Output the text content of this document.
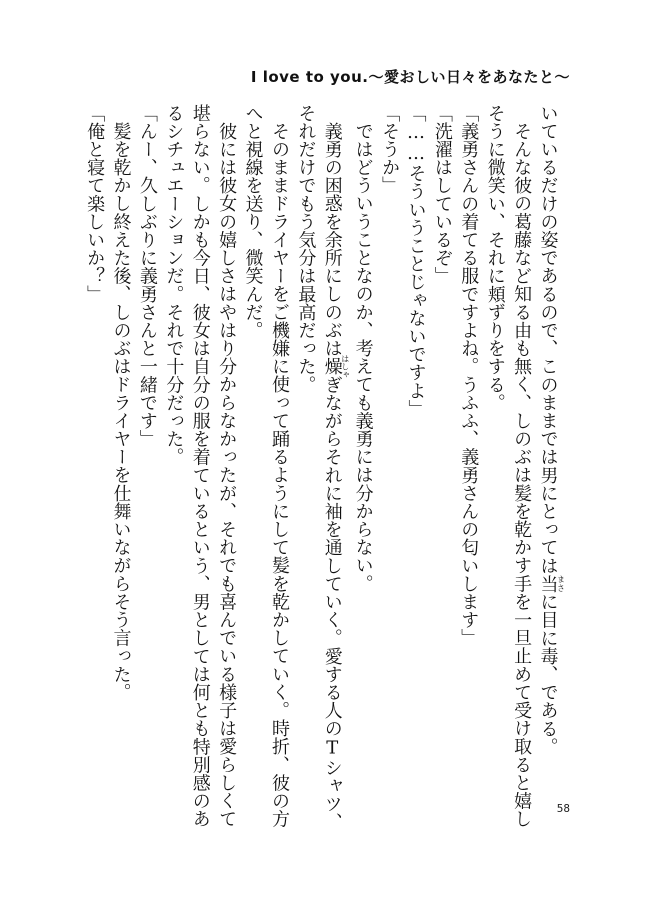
I love to you.～愛おしい日々をあなたと～

いているだけの姿であるので、このままでは男にとっては当まさに目に毒、である。

そんな彼の葛藤など知る由も無く、しのぶは髪を乾かす手を一旦止めて受け取ると嬉し

そうに微笑い、それに頬ずりをする。

「義勇さんの着てる服ですよね。うふふ、義勇さんの匂いします」

「洗濯はしているぞ」

「……そういうことじゃないですよ」

「そうか」

ではどういうことなのか、考えても義勇には分からない。

義勇の困惑を余所にしのぶは燥はしゃぎながらそれに袖を通していく。愛する人のTシャツ、

それだけでもう気分は最高だった。

そのままドライヤーをご機嫌に使って踊るようにして髪を乾かしていく。時折、彼の方

へと視線を送り、微笑んだ。

彼には彼女の嬉しさはやはり分からなかったが、それでも喜んでいる様子は愛らしくて

堪らない。しかも今日、彼女は自分の服を着ているという、男としては何とも特別感のあ

るシチュエーションだ。それで十分だった。

「んー、久しぶりに義勇さんと一緒です」

髪を乾かし終えた後、しのぶはドライヤーを仕舞いながらそう言った。

「俺と寝て楽しいか？」

58
